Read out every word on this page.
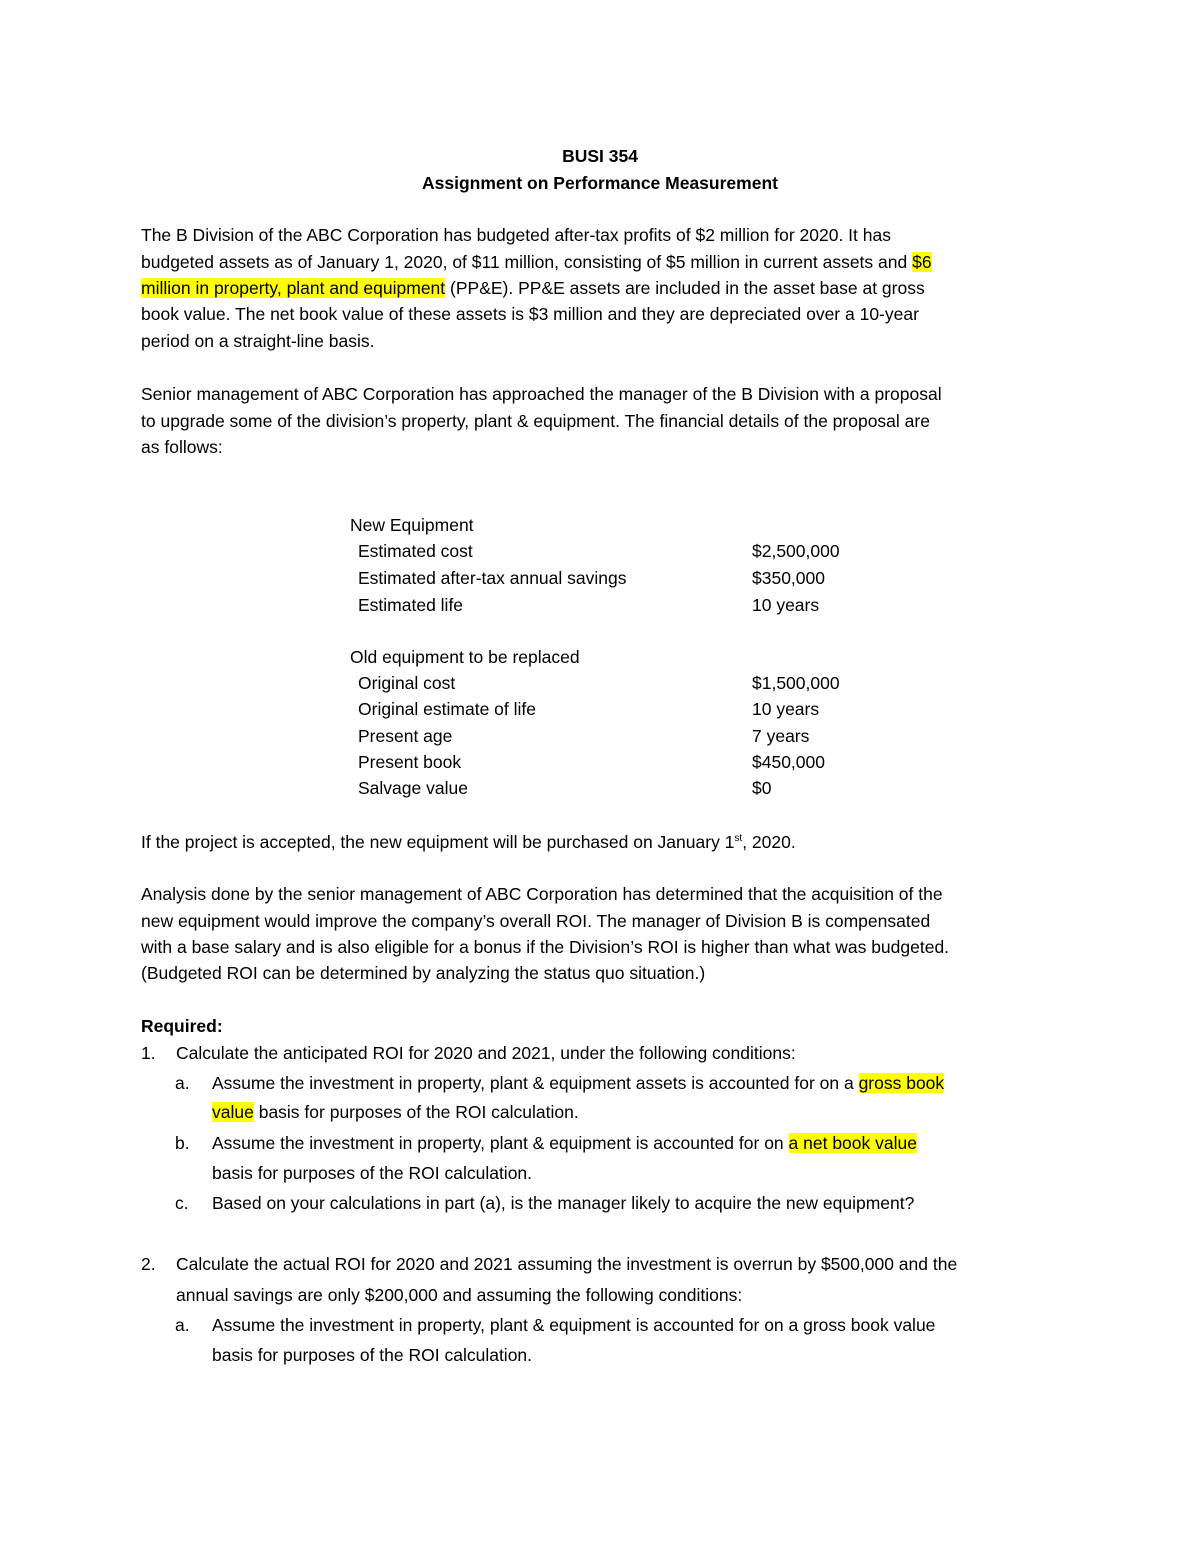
BUSI 354
Assignment on Performance Measurement
The B Division of the ABC Corporation has budgeted after-tax profits of $2 million for 2020. It has
budgeted assets as of January 1, 2020, of $11 million, consisting of $5 million in current assets and $6
million in property, plant and equipment (PP&E). PP&E assets are included in the asset base at gross
book value. The net book value of these assets is $3 million and they are depreciated over a 10-year
period on a straight-line basis.
Senior management of ABC Corporation has approached the manager of the B Division with a proposal
to upgrade some of the division’s property, plant & equipment. The financial details of the proposal are
as follows:
New Equipment
Estimated cost	$2,500,000
Estimated after-tax annual savings	$350,000
Estimated life	10 years
Old equipment to be replaced
Original cost	$1,500,000
Original estimate of life	10 years
Present age	7 years
Present book	$450,000
Salvage value	$0
If the project is accepted, the new equipment will be purchased on January 1st, 2020.
Analysis done by the senior management of ABC Corporation has determined that the acquisition of the
new equipment would improve the company’s overall ROI. The manager of Division B is compensated
with a base salary and is also eligible for a bonus if the Division’s ROI is higher than what was budgeted.
(Budgeted ROI can be determined by analyzing the status quo situation.)
Required:
1. Calculate the anticipated ROI for 2020 and 2021, under the following conditions:
a. Assume the investment in property, plant & equipment assets is accounted for on a gross book
value basis for purposes of the ROI calculation.
b. Assume the investment in property, plant & equipment is accounted for on a net book value
basis for purposes of the ROI calculation.
c. Based on your calculations in part (a), is the manager likely to acquire the new equipment?
2. Calculate the actual ROI for 2020 and 2021 assuming the investment is overrun by $500,000 and the
annual savings are only $200,000 and assuming the following conditions:
a. Assume the investment in property, plant & equipment is accounted for on a gross book value
basis for purposes of the ROI calculation.
